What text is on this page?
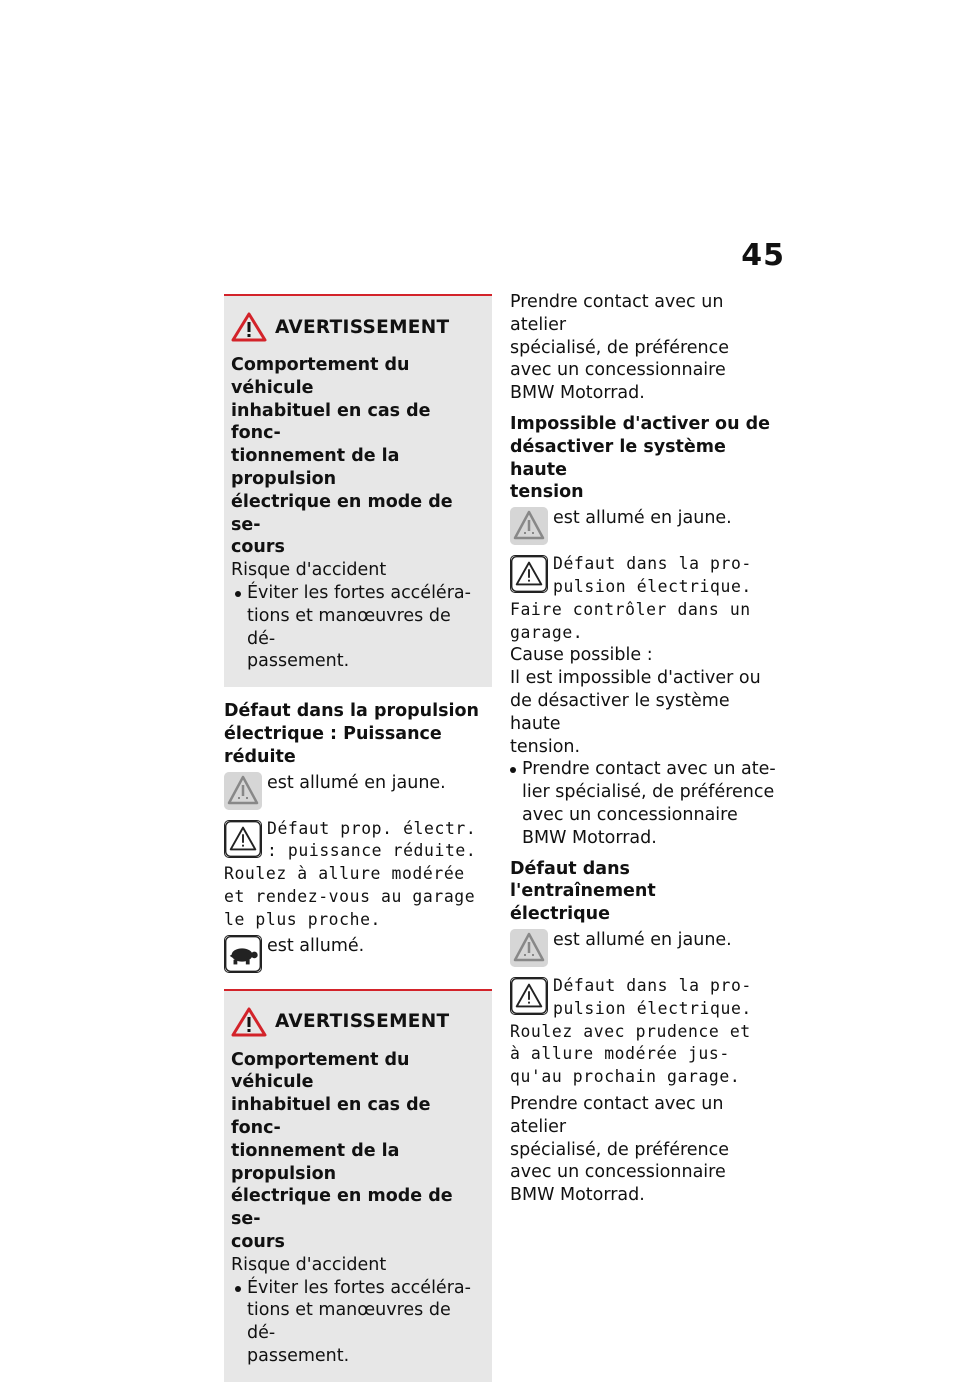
45
AVERTISSEMENT
Comportement du véhicule
inhabituel en cas de fonc-
tionnement de la propulsion
électrique en mode de se-
cours
Risque d'accident
Éviter les fortes accéléra-
tions et manœuvres de dé-
passement.
Défaut dans la propulsion
électrique : Puissance réduite
est allumé en jaune.
Défaut prop. électr.
: puissance réduite.
Roulez à allure modérée
et rendez-vous au garage
le plus proche.
est allumé.
AVERTISSEMENT
Comportement du véhicule
inhabituel en cas de fonc-
tionnement de la propulsion
électrique en mode de se-
cours
Risque d'accident
Éviter les fortes accéléra-
tions et manœuvres de dé-
passement.
Prendre contact avec un atelier
spécialisé, de préférence
avec un concessionnaire
BMW Motorrad.
Impossible d'activer ou de
désactiver le système haute
tension
est allumé en jaune.
Défaut dans la pro-
pulsion électrique.
Faire contrôler dans un
garage.
Cause possible :
Il est impossible d'activer ou
de désactiver le système haute
tension.
Prendre contact avec un ate-
lier spécialisé, de préférence
avec un concessionnaire
BMW Motorrad.
Défaut dans l'entraînement
électrique
est allumé en jaune.
Défaut dans la pro-
pulsion électrique.
Roulez avec prudence et
à allure modérée jus-
qu'au prochain garage.
Prendre contact avec un atelier
spécialisé, de préférence
avec un concessionnaire
BMW Motorrad.
